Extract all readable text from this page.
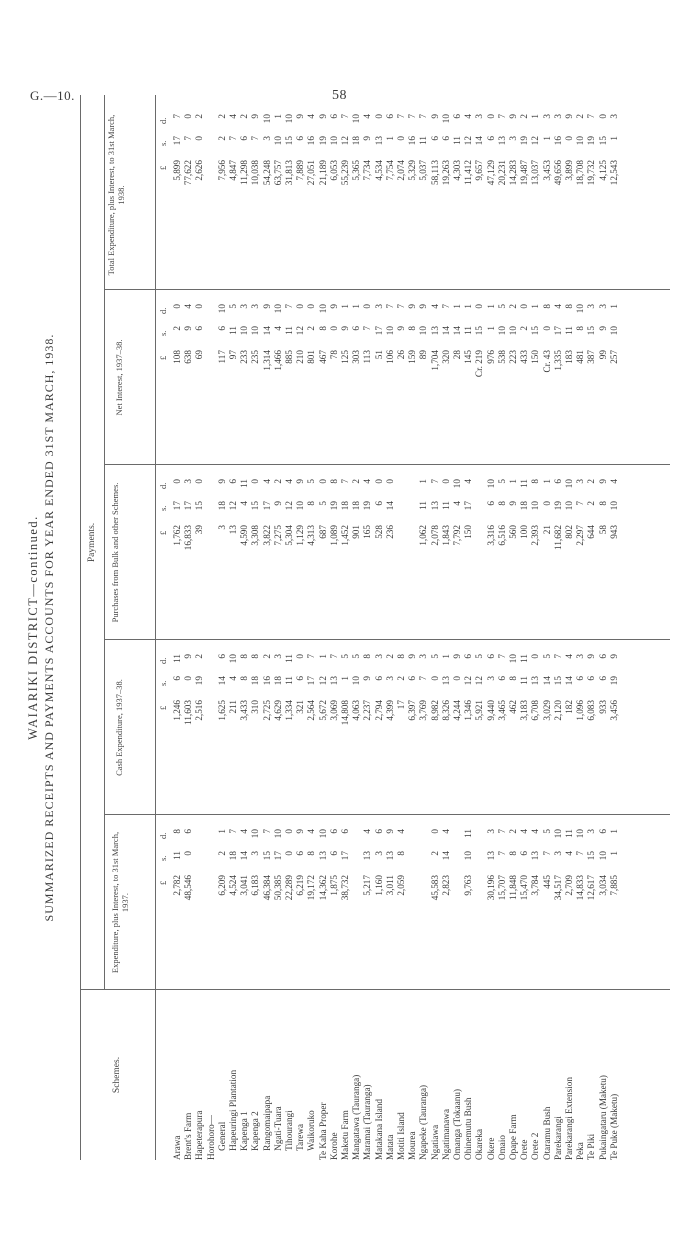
G.—10.	58
WAIARIKI DISTRICT—continued. SUMMARIZED RECEIPTS AND PAYMENTS ACCOUNTS FOR YEAR ENDED 31ST MARCH, 1938.
Schemes.
Payments.
Expenditure, plus Interest, to 31st March, 1937.
Cash Expenditure, 1937–38.
Purchases from Bulk and other Schemes.
Net Interest, 1937–38.
Total Expenditure, plus Interest, to 31st March, 1938.
£
s.
d.
£
s.
d.
£
s.
d.
£
s.
d.
£
s.
d.
Arawa
2,782
11
8
1,246
6
11
1,762
17
0
108
2
0
5,899
17
7
Brent's Farm
48,546
0
6
11,603
0
9
16,833
17
3
638
9
4
77,622
7
0
Hapeterapura
2,516
19
2
39
15
0
69
6
0
2,626
0
2
Horohoro—  General
6,209
2
1
1,625
14
6
3
18
9
117
6
10
7,956
2
2
 Hapeuringi Plantation
4,524
18
7
211
4
10
13
12
6
97
11
5
4,847
7
4
 Kapenga 1
3,041
14
4
3,433
8
8
4,590
4
11
233
10
3
11,298
6
2
 Kapenga 2
6,183
3
10
310
18
8
3,308
15
0
235
10
3
10,038
7
9
 Rangomaipapa
46,384
15
7
2,725
16
2
3,822
17
4
1,314
14
9
54,248
3
10
 Ngati-Tuara
50,385
17
10
4,629
18
3
7,275
9
2
1,466
4
10
63,757
10
1
 Tihourangi
22,289
0
0
1,334
11
11
5,304
12
4
885
11
7
31,813
15
10
 Tarewa
6,219
6
9
321
6
0
1,129
10
9
210
12
0
7,889
6
9
 Waikoruko
19,172
8
4
2,564
17
7
4,313
8
5
801
2
0
27,051
16
4
Te Kaha Proper
14,362
13
10
5,672
12
1
687
5
0
467
8
10
21,189
19
9
Korohe
1,875
6
6
3,069
13
7
1,089
19
8
78
0
9
6,053
10
6
Maketu Farm
38,732
17
6
14,808
1
5
1,452
18
7
125
9
1
55,239
12
7
Mangatawa (Tauranga)
4,063
10
5
901
18
2
303
6
1
5,365
18
10
Maramai (Tauranga)
5,217
13
4
2,237
9
8
165
19
4
113
7
0
7,734
9
4
Matakana Island
1,160
3
6
2,794
6
3
528
6
0
51
17
3
4,534
13
0
Matata
3,011
13
9
4,399
3
2
236
14
0
106
10
7
7,754
1
6
Motiti Island
2,059
8
4
17
2
8
26
9
7
2,074
0
7
Mourea
6,397
6
9
159
8
9
5,329
16
7
Ngapeke (Tauranga)
3,769
7
3
1,062
11
1
89
10
9
5,037
11
7
Ngatiawa
45,583
2
0
8,982
0
5
2,078
13
7
1,704
13
4
58,113
6
9
Ngatimanawa
2,823
14
4
8,326
13
1
1,843
11
0
320
14
7
19,263
6
10
Omanga (Tokaanu)
4,244
0
9
7,792
4
10
28
14
1
4,303
11
6
Ohinemutu Bush
9,763
10
11
1,346
12
6
150
17
4
145
11
1
11,412
12
4
Okareka
5,921
12
5
Cr. 219
15
0
9,657
14
3
Okere
30,196
13
3
9,440
3
6
3,316
6
10
976
1
1
47,129
6
0
Omaio
15,707
7
7
3,465
6
7
6,516
8
5
538
10
5
20,231
13
7
Opape Farm
11,848
8
2
462
8
10
560
9
1
223
10
2
14,283
3
9
Orete
15,470
6
4
3,183
11
11
100
18
11
433
2
0
19,487
19
2
Orete 2
3,784
13
4
6,708
13
0
2,393
10
8
150
15
1
13,037
12
1
Otaramu Bush
445
7
5
3,029
14
5
21
0
1
Cr. 43
0
8
3,453
1
3
Parekarangi
34,517
3
10
2,120
15
7
11,682
19
6
1,335
17
4
49,656
16
3
Parekarangi Extension
2,709
4
11
182
14
4
802
10
10
183
11
8
3,899
0
9
Peka
14,833
7
10
1,096
6
3
2,297
7
3
481
8
10
18,708
10
2
Te Piki
12,617
15
3
6,083
6
9
644
2
2
387
15
3
19,732
19
7
Pukaingataru (Maketu)
3,034
10
6
933
6
6
58
8
9
99
9
3
4,125
15
0
Te Puke (Maketu)
7,885
1
1
3,456
19
9
943
10
4
257
10
1
12,543
1
3
